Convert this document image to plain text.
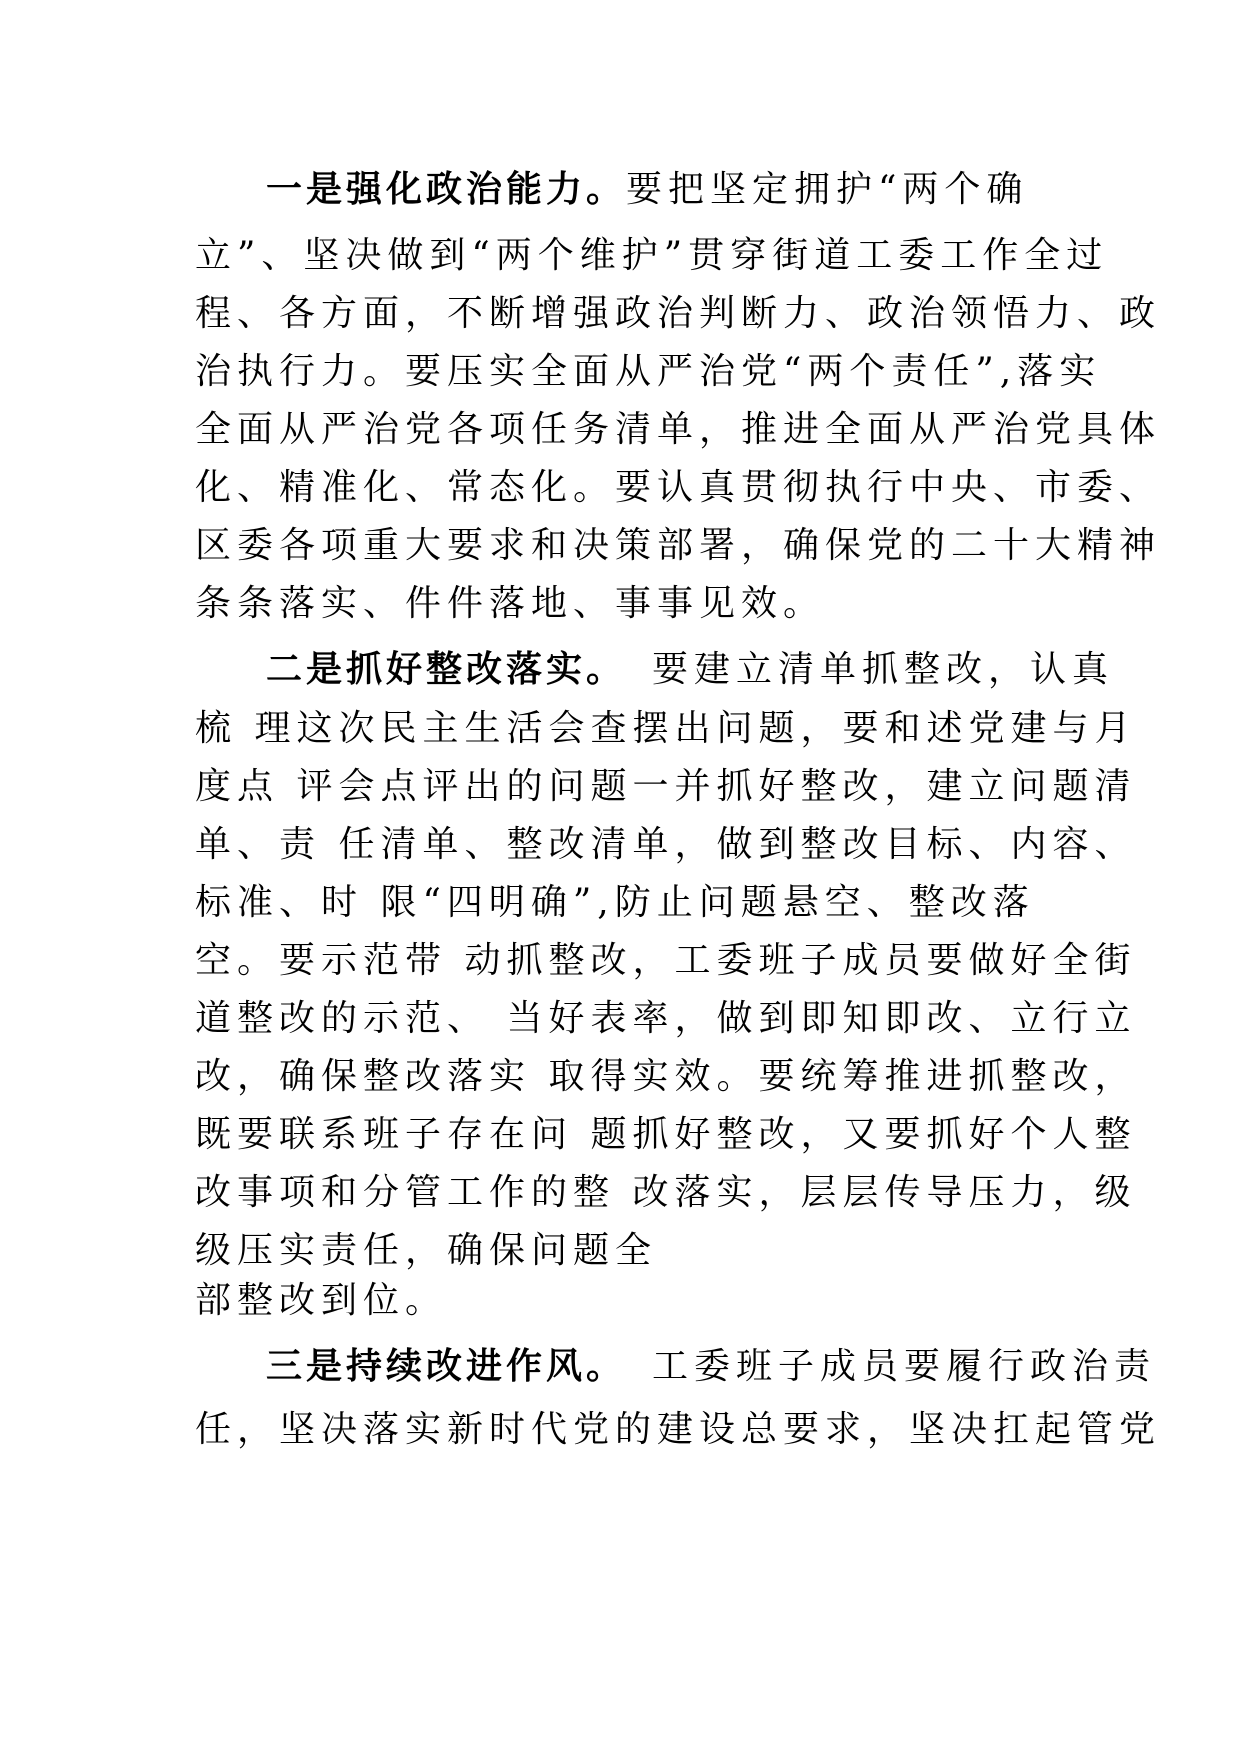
一是强化政治能力。要把坚定拥护“两个确
立”、坚决做到“两个维护”贯穿街道工委工作全过
程、各方面，不断增强政治判断力、政治领悟力、政
治执行力。要压实全面从严治党“两个责任”,落实
全面从严治党各项任务清单，推进全面从严治党具体
化、精准化、常态化。要认真贯彻执行中央、市委、
区委各项重大要求和决策部署，确保党的二十大精神
条条落实、件件落地、事事见效。
二是抓好整改落实。 要建立清单抓整改，认真
梳 理这次民主生活会查摆出问题，要和述党建与月
度点 评会点评出的问题一并抓好整改，建立问题清
单、责 任清单、整改清单，做到整改目标、内容、
标准、时 限“四明确”,防止问题悬空、整改落
空。要示范带 动抓整改，工委班子成员要做好全街
道整改的示范、 当好表率，做到即知即改、立行立
改，确保整改落实 取得实效。要统筹推进抓整改，
既要联系班子存在问 题抓好整改，又要抓好个人整
改事项和分管工作的整 改落实，层层传导压力，级
级压实责任，确保问题全
部整改到位。
三是持续改进作风。 工委班子成员要履行政治责
任，坚决落实新时代党的建设总要求，坚决扛起管党
